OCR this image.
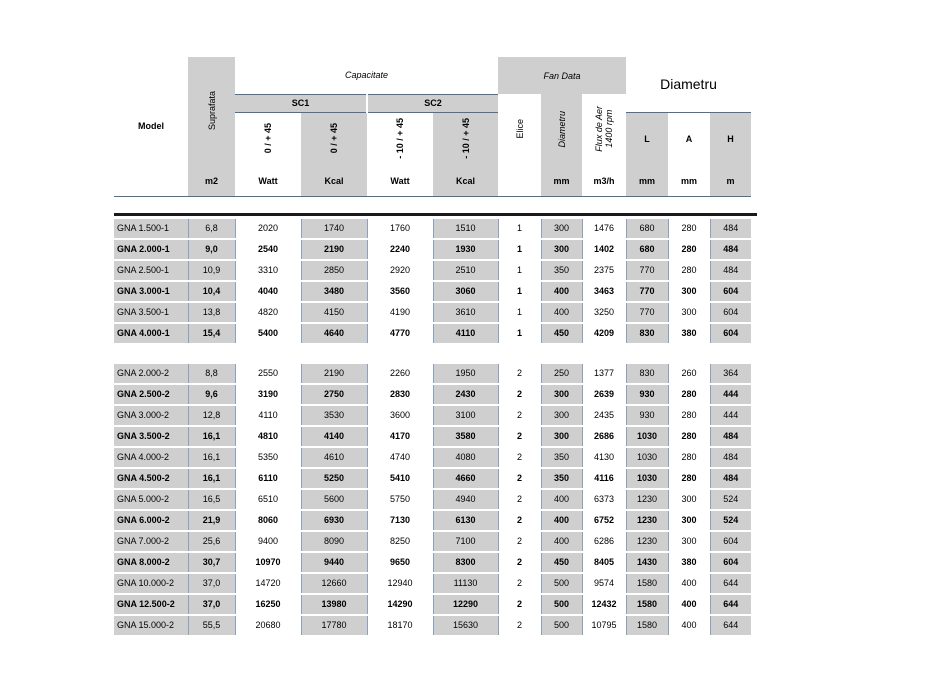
Model	Suprafata	Capacitate				Fan Data			Diametru		
		SC1		SC2		Elice	Diametru	Flux de Aer
1400 rpm			
		0 / + 45	0 / + 45	- 10 / + 45	- 10 / + 45				L	A	H
	m2	Watt	Kcal	Watt	Kcal		mm	m3/h	mm	mm	m

GNA 1.500-1	6,8	2020	1740	1760	1510	1	300	1476	680	280	484
GNA 2.000-1	9,0	2540	2190	2240	1930	1	300	1402	680	280	484
GNA 2.500-1	10,9	3310	2850	2920	2510	1	350	2375	770	280	484
GNA 3.000-1	10,4	4040	3480	3560	3060	1	400	3463	770	300	604
GNA 3.500-1	13,8	4820	4150	4190	3610	1	400	3250	770	300	604
GNA 4.000-1	15,4	5400	4640	4770	4110	1	450	4209	830	380	604

GNA 2.000-2	8,8	2550	2190	2260	1950	2	250	1377	830	260	364
GNA 2.500-2	9,6	3190	2750	2830	2430	2	300	2639	930	280	444
GNA 3.000-2	12,8	4110	3530	3600	3100	2	300	2435	930	280	444
GNA 3.500-2	16,1	4810	4140	4170	3580	2	300	2686	1030	280	484
GNA 4.000-2	16,1	5350	4610	4740	4080	2	350	4130	1030	280	484
GNA 4.500-2	16,1	6110	5250	5410	4660	2	350	4116	1030	280	484
GNA 5.000-2	16,5	6510	5600	5750	4940	2	400	6373	1230	300	524
GNA 6.000-2	21,9	8060	6930	7130	6130	2	400	6752	1230	300	524
GNA 7.000-2	25,6	9400	8090	8250	7100	2	400	6286	1230	300	604
GNA 8.000-2	30,7	10970	9440	9650	8300	2	450	8405	1430	380	604
GNA 10.000-2	37,0	14720	12660	12940	11130	2	500	9574	1580	400	644
GNA 12.500-2	37,0	16250	13980	14290	12290	2	500	12432	1580	400	644
GNA 15.000-2	55,5	20680	17780	18170	15630	2	500	10795	1580	400	644
